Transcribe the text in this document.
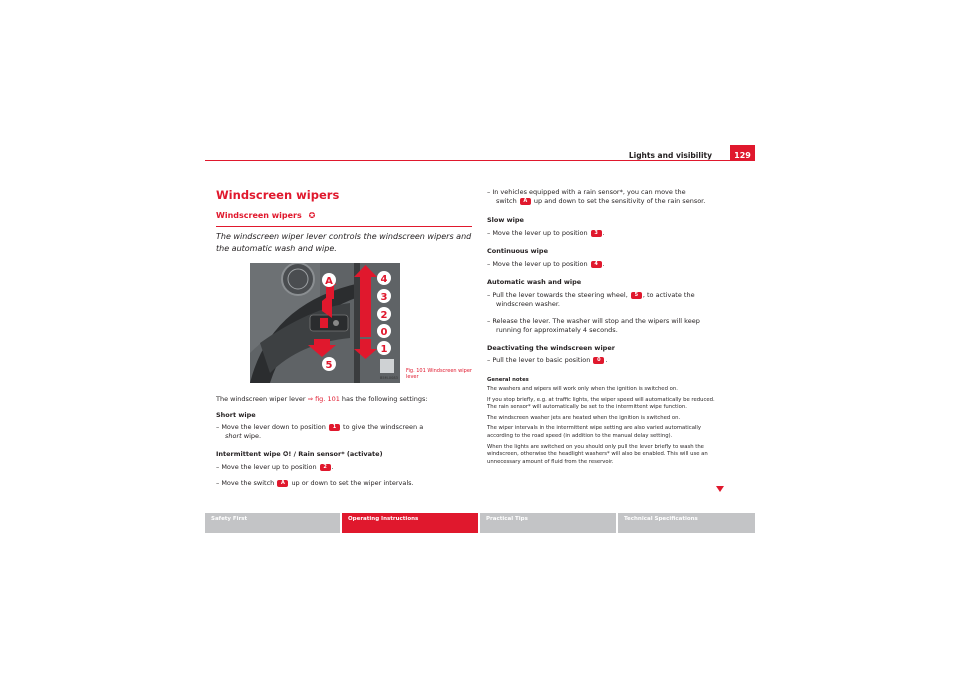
Lights and visibility	129
Windscreen wipers
Windscreen wipers ✪
The windscreen wiper lever controls the windscreen wipers and the automatic wash and wipe.
A	4
3
2
0
1
5
B5M-0083
Fig. 101 Windscreen wiper lever
The windscreen wiper lever ⇒ fig. 101 has the following settings:
Short wipe
– Move the lever down to position 1 to give the windscreen a
short wipe.
Intermittent wipe ✪! / Rain sensor* (activate)
– Move the lever up to position 2 .
– Move the switch A up or down to set the wiper intervals.
– In vehicles equipped with a rain sensor*, you can move the
switch A up and down to set the sensitivity of the rain sensor.
Slow wipe
– Move the lever up to position 3 .
Continuous wipe
– Move the lever up to position 4 .
Automatic wash and wipe
– Pull the lever towards the steering wheel, 5 , to activate the
windscreen washer.
– Release the lever. The washer will stop and the wipers will keep
running for approximately 4 seconds.
Deactivating the windscreen wiper
– Pull the lever to basic position 0 .
General notes
The washers and wipers will work only when the ignition is switched on.
If you stop briefly, e.g. at traffic lights, the wiper speed will automatically be reduced. The rain sensor* will automatically be set to the intermittent wipe function.
The windscreen washer jets are heated when the ignition is switched on.
The wiper intervals in the intermittent wipe setting are also varied automatically according to the road speed (in addition to the manual delay setting).
When the lights are switched on you should only pull the lever briefly to wash the windscreen, otherwise the headlight washers* will also be enabled. This will use an unnecessary amount of fluid from the reservoir.
Safety First	Operating Instructions	Practical Tips	Technical Specifications
